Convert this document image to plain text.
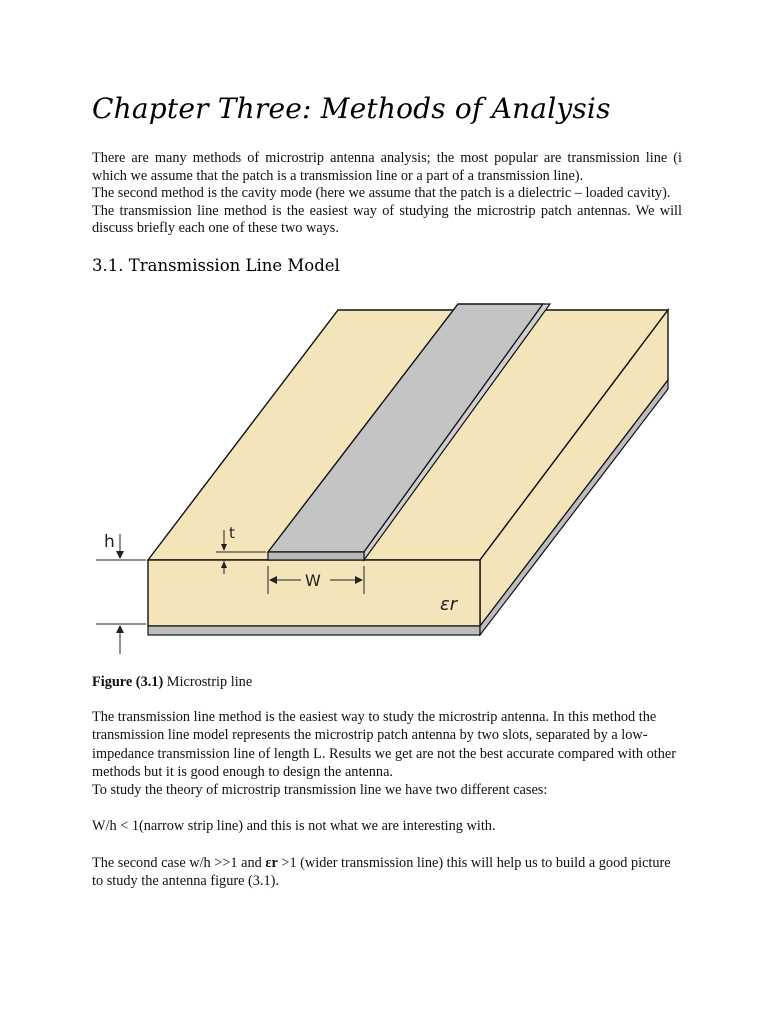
Chapter Three: Methods of Analysis

There are many methods of microstrip antenna analysis; the most popular are transmission line (i which we assume that the patch is a transmission line or a part of a transmission line).

The second method is the cavity mode (here we assume that the patch is a dielectric – loaded cavity).

The transmission line method is the easiest way of studying the microstrip patch antennas. We will discuss briefly each one of these two ways.

3.1. Transmission Line Model
h	t
W
εr
Figure (3.1) Microstrip line

The transmission line method is the easiest way to study the microstrip antenna. In this method the transmission line model represents the microstrip patch antenna by two slots, separated by a low-impedance transmission line of length L. Results we get are not the best accurate compared with other methods but it is good enough to design the antenna.

To study the theory of microstrip transmission line we have two different cases:

W/h < 1(narrow strip line) and this is not what we are interesting with.

The second case w/h >>1 and εr >1 (wider transmission line) this will help us to build a good picture to study the antenna figure (3.1).
